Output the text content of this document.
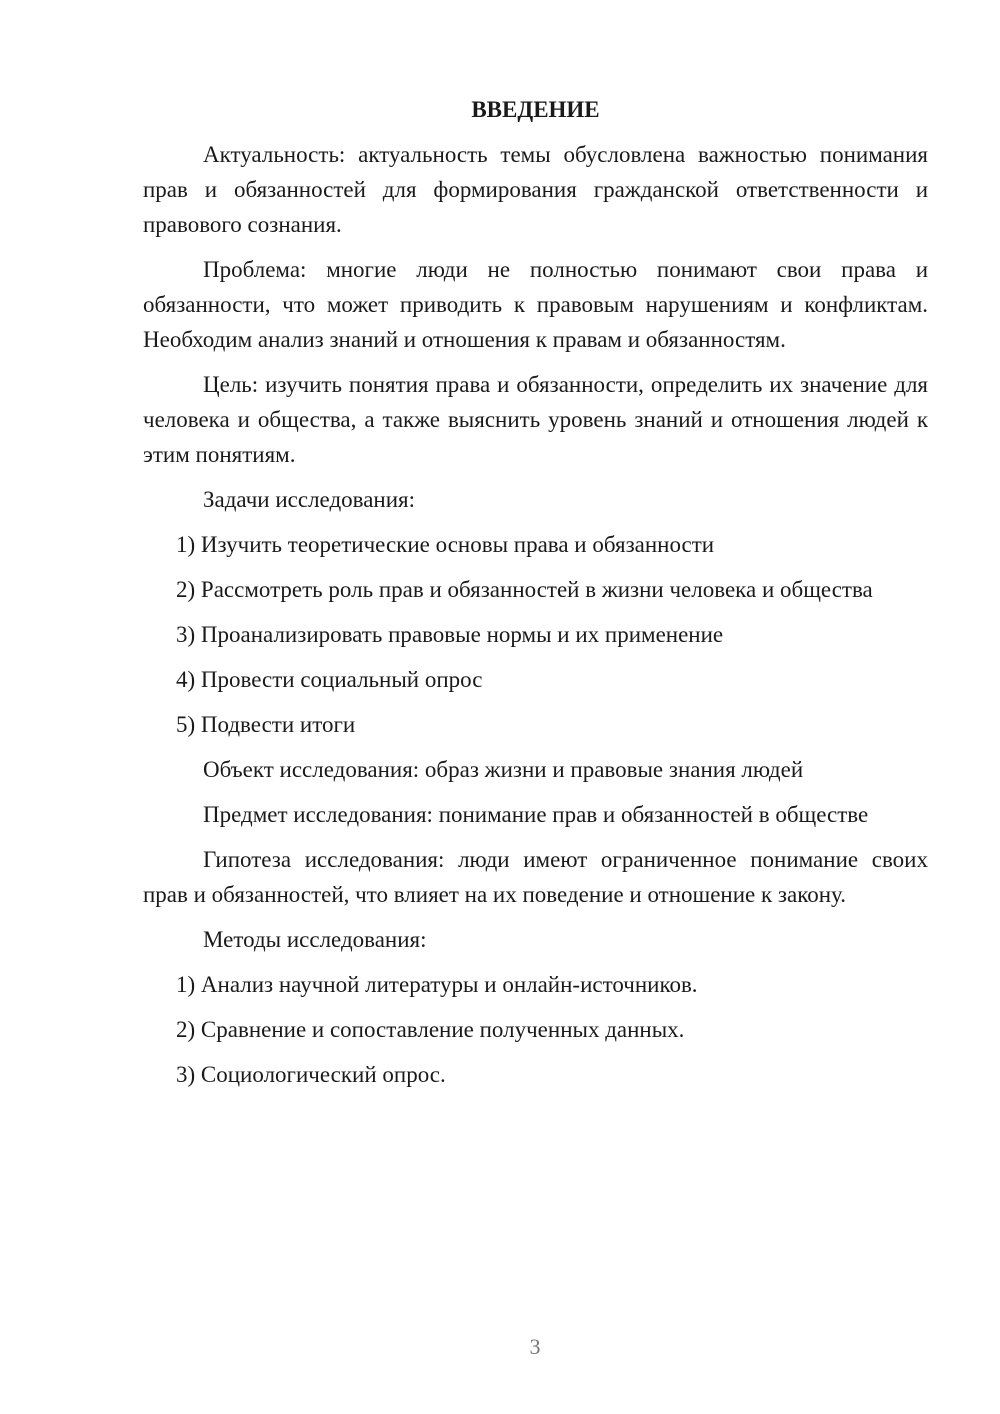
ВВЕДЕНИЕ

Актуальность: актуальность темы обусловлена важностью понимания прав и обязанностей для формирования гражданской ответственности и правового сознания.

Проблема: многие люди не полностью понимают свои права и обязанности, что может приводить к правовым нарушениям и конфликтам. Необходим анализ знаний и отношения к правам и обязанностям.

Цель: изучить понятия права и обязанности, определить их значение для человека и общества, а также выяснить уровень знаний и отношения людей к этим понятиям.

Задачи исследования:

1) Изучить теоретические основы права и обязанности

2) Рассмотреть роль прав и обязанностей в жизни человека и общества

3) Проанализировать правовые нормы и их применение

4) Провести социальный опрос

5) Подвести итоги

Объект исследования: образ жизни и правовые знания людей

Предмет исследования: понимание прав и обязанностей в обществе

Гипотеза исследования: люди имеют ограниченное понимание своих прав и обязанностей, что влияет на их поведение и отношение к закону.

Методы исследования:

1) Анализ научной литературы и онлайн-источников.

2) Сравнение и сопоставление полученных данных.

3) Социологический опрос.

3
